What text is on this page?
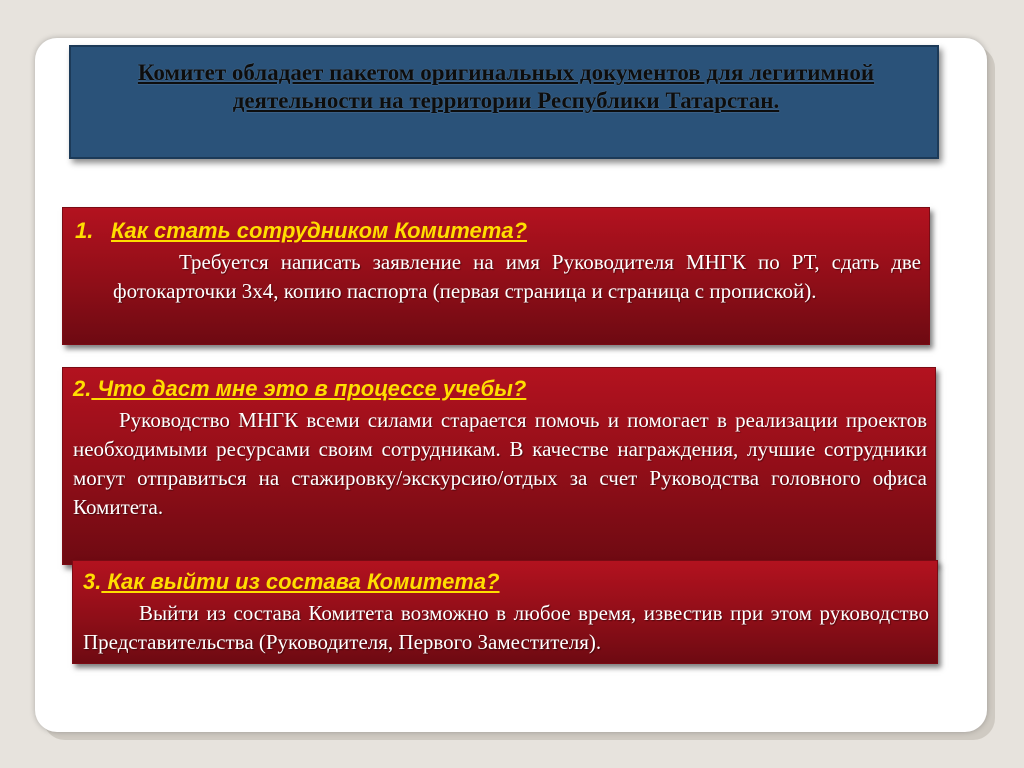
Комитет обладает пакетом оригинальных документов для легитимной деятельности на территории Республики Татарстан.
1. Как стать сотрудником Комитета?
Требуется написать заявление на имя Руководителя МНГК по РТ, сдать две фотокарточки 3х4, копию паспорта (первая страница и страница с пропиской).
2. Что даст мне это в процессе учебы?
Руководство МНГК всеми силами старается помочь и помогает в реализации проектов необходимыми ресурсами своим сотрудникам. В качестве награждения, лучшие сотрудники могут отправиться на стажировку/экскурсию/отдых за счет Руководства головного офиса Комитета.
3. Как выйти из состава Комитета?
Выйти из состава Комитета возможно в любое время, известив при этом руководство Представительства (Руководителя, Первого Заместителя).
